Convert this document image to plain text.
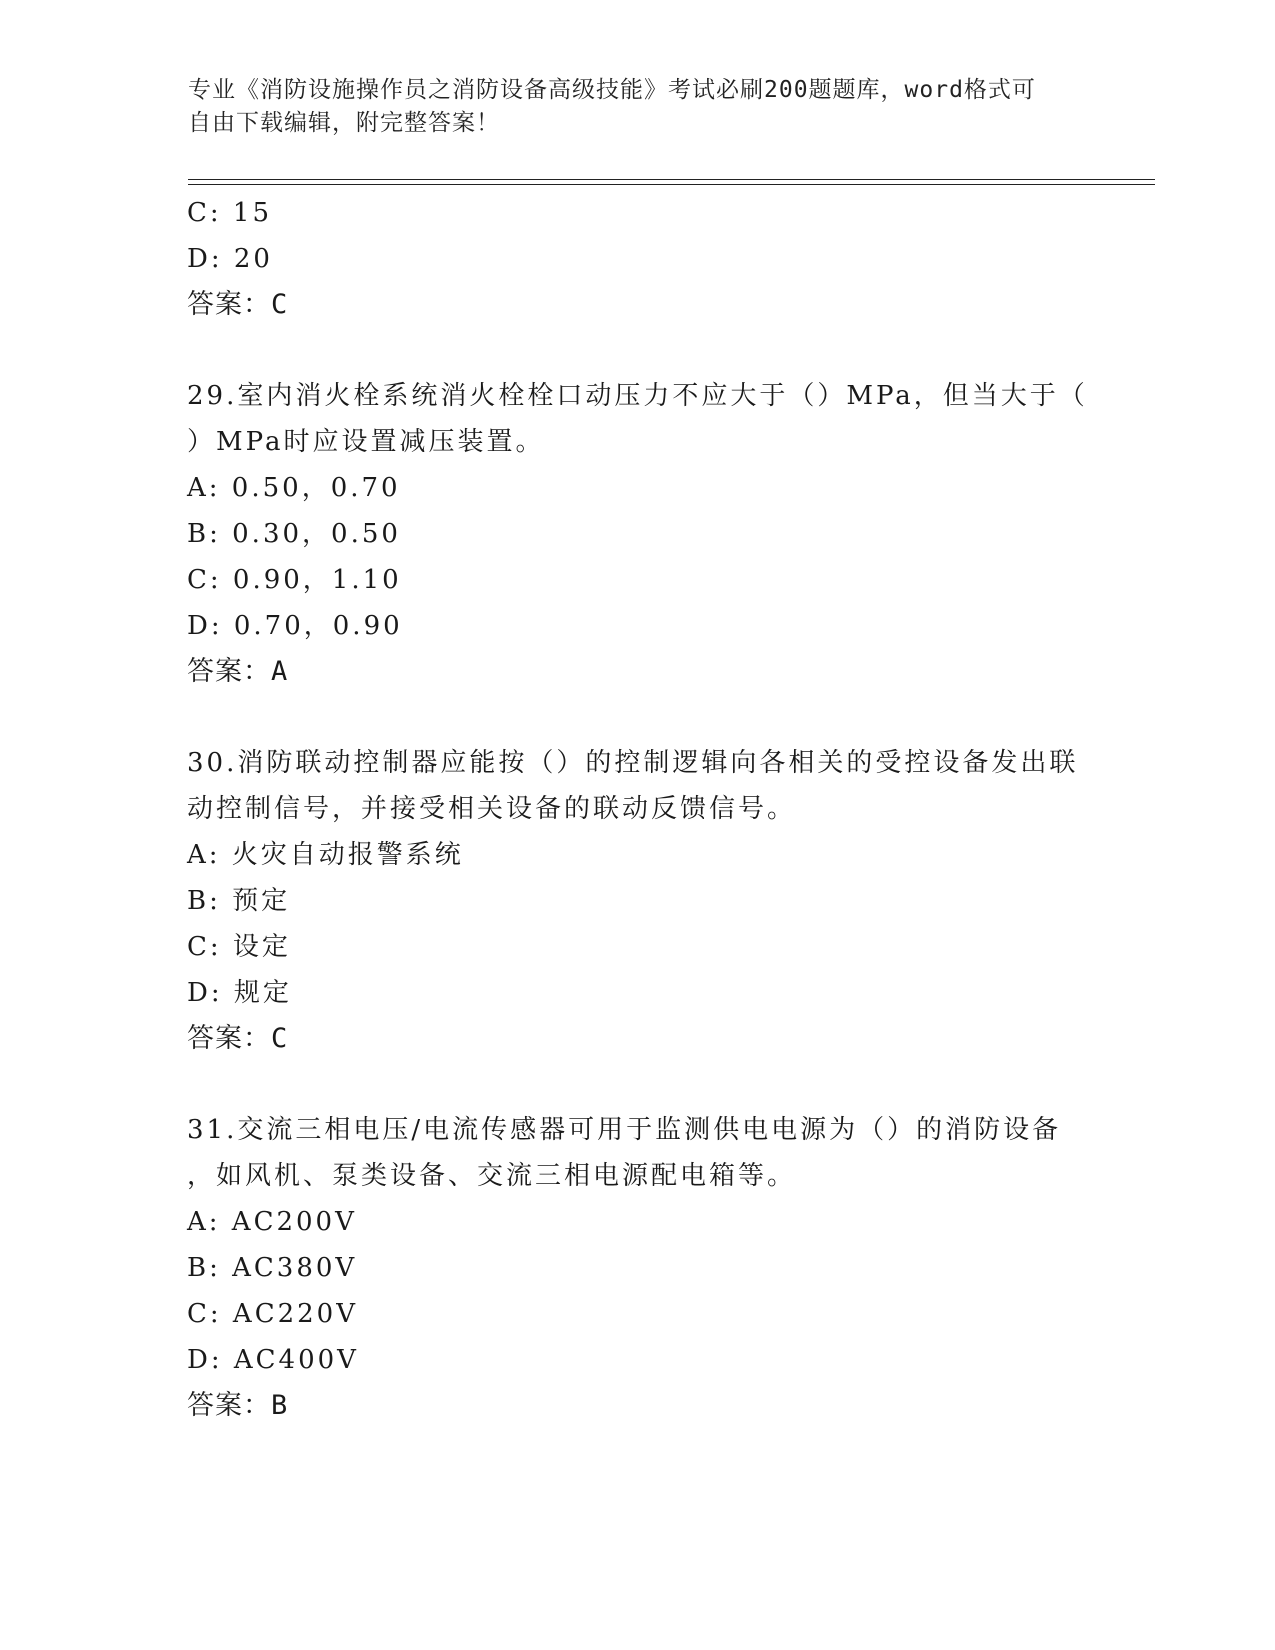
专业《消防设施操作员之消防设备高级技能》考试必刷200题题库，word格式可
自由下载编辑，附完整答案！
C: 15
D: 20
答案：C
29.室内消火栓系统消火栓栓口动压力不应大于（）MPa，但当大于（
）MPa时应设置减压装置。
A: 0.50，0.70
B: 0.30，0.50
C: 0.90，1.10
D: 0.70，0.90
答案：A
30.消防联动控制器应能按（）的控制逻辑向各相关的受控设备发出联
动控制信号，并接受相关设备的联动反馈信号。
A: 火灾自动报警系统
B: 预定
C: 设定
D: 规定
答案：C
31.交流三相电压/电流传感器可用于监测供电电源为（）的消防设备
，如风机、泵类设备、交流三相电源配电箱等。
A: AC200V
B: AC380V
C: AC220V
D: AC400V
答案：B
